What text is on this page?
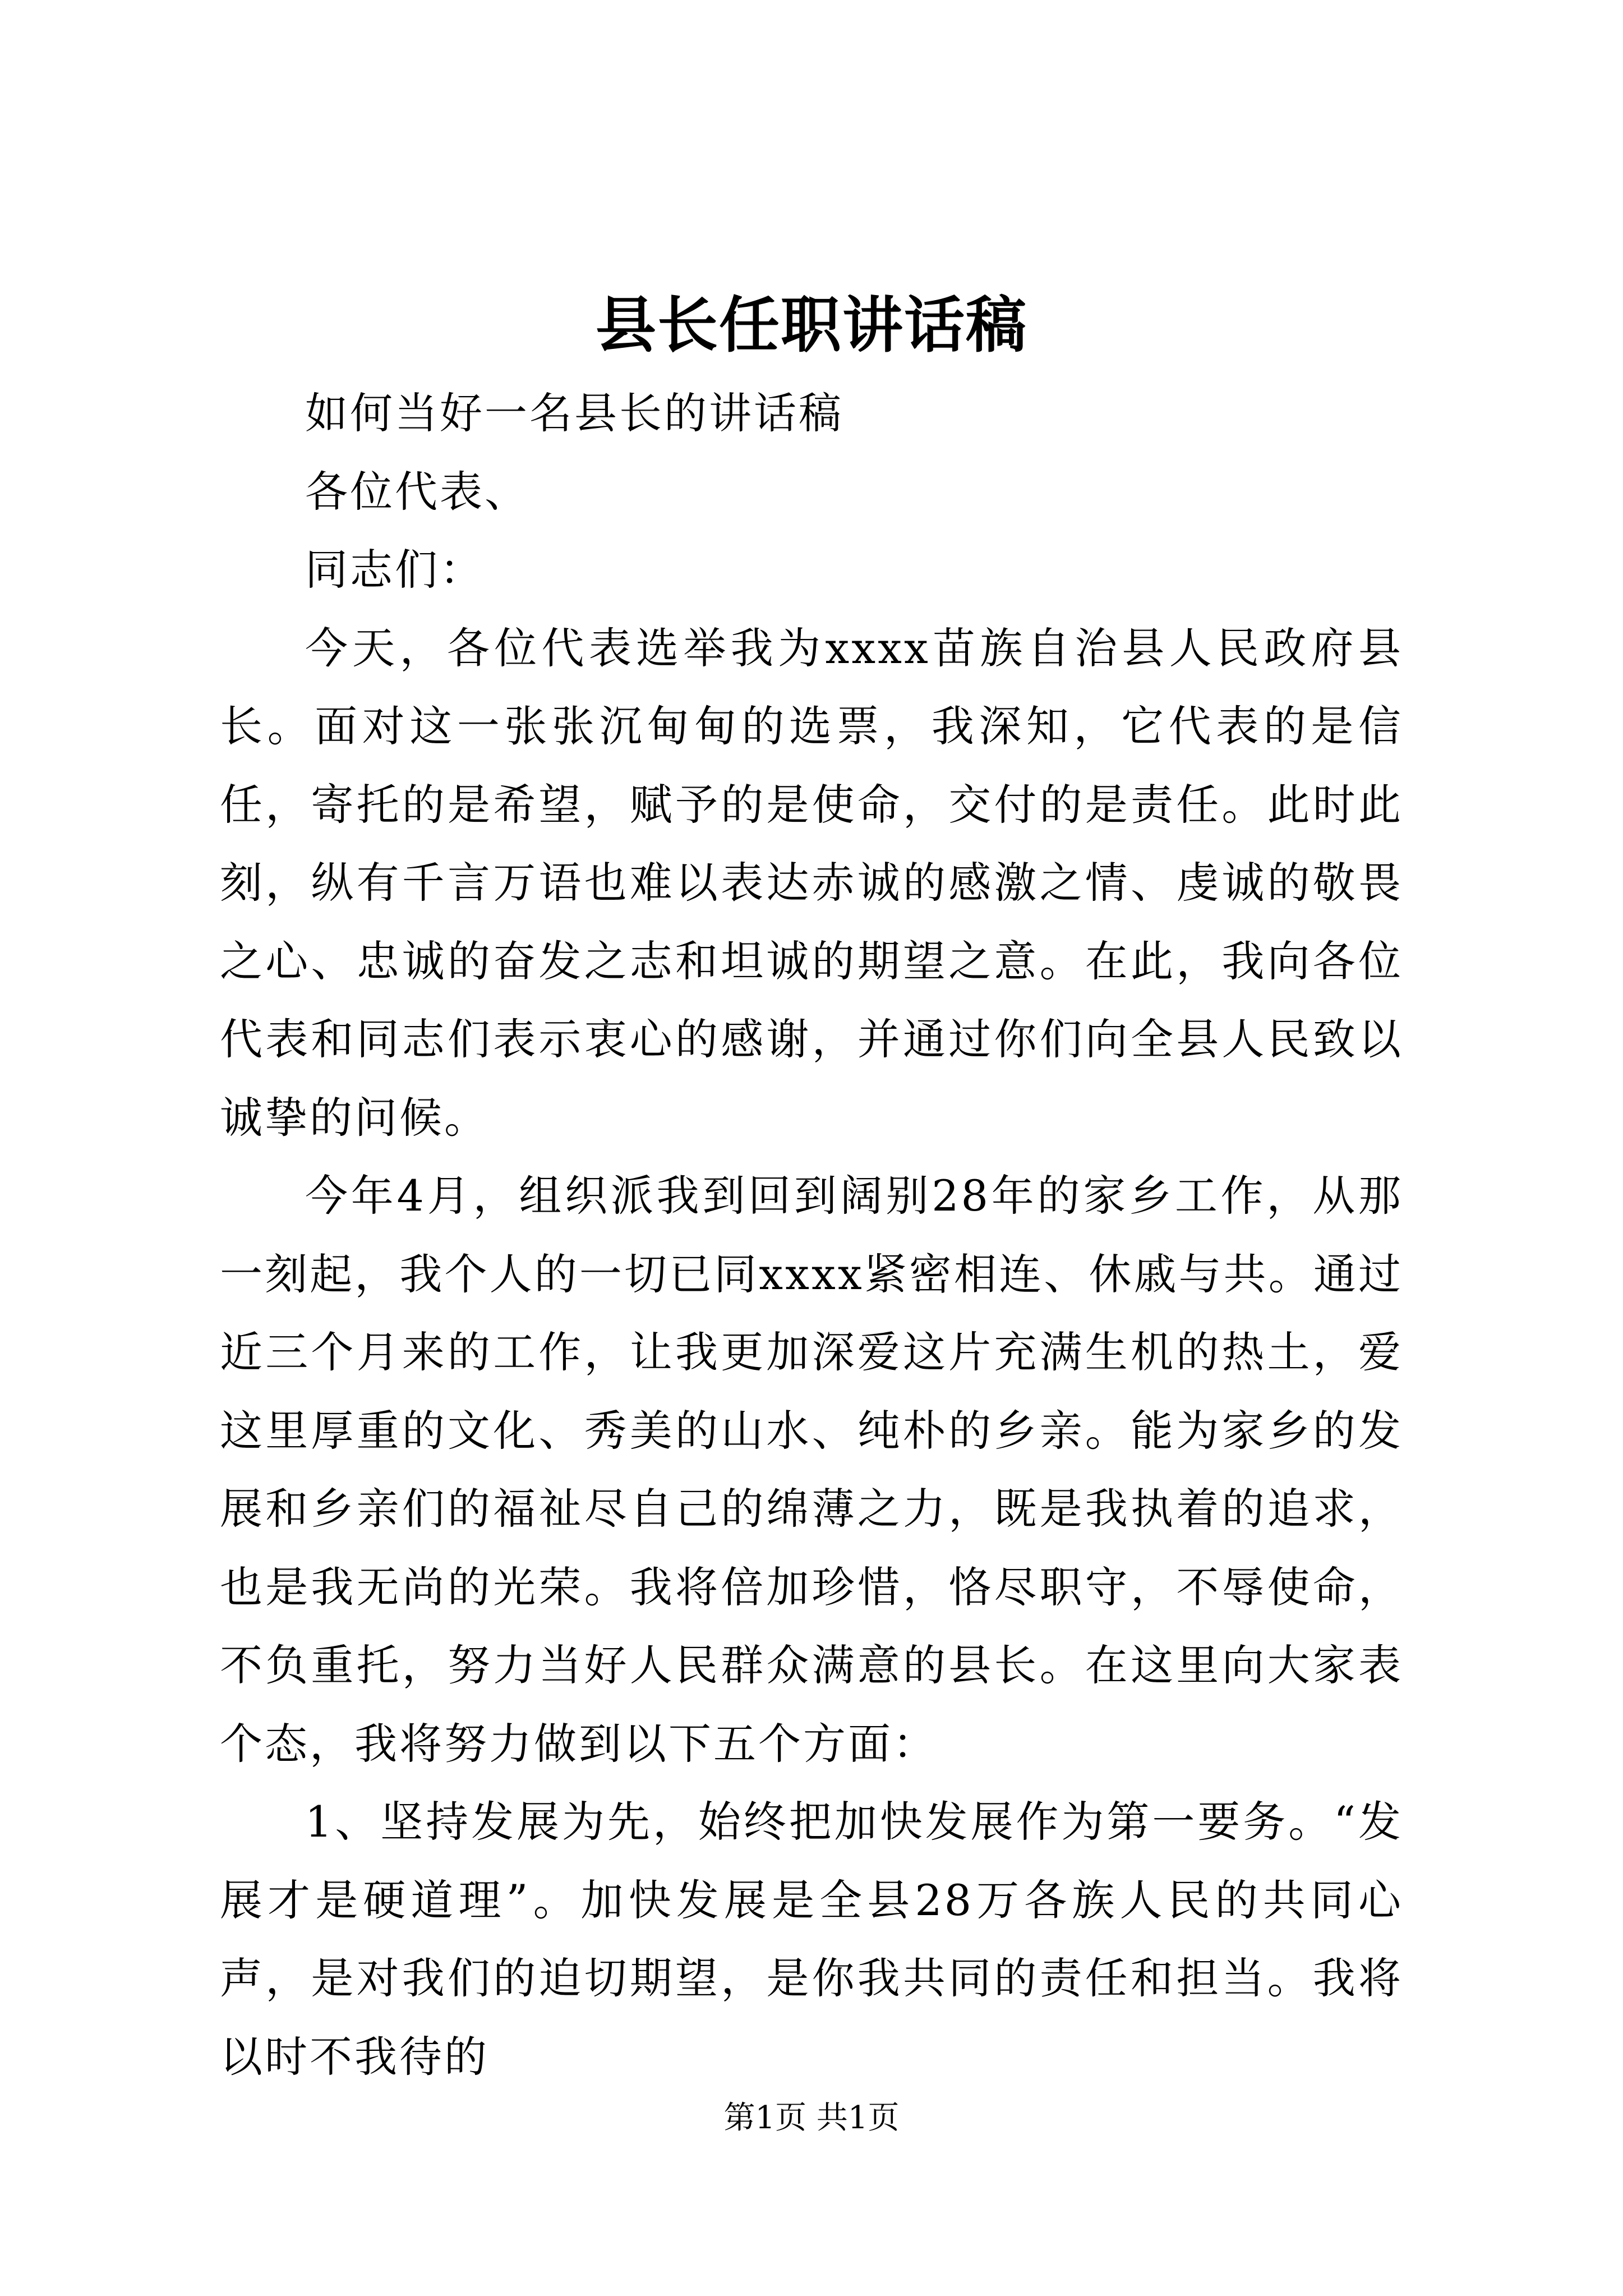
县长任职讲话稿

如何当好一名县长的讲话稿

各位代表、

同志们：

今天，各位代表选举我为xxxx苗族自治县人民政府县长。面对这一张张沉甸甸的选票，我深知，它代表的是信任，寄托的是希望，赋予的是使命，交付的是责任。此时此刻，纵有千言万语也难以表达赤诚的感激之情、虔诚的敬畏之心、忠诚的奋发之志和坦诚的期望之意。在此，我向各位代表和同志们表示衷心的感谢，并通过你们向全县人民致以诚挚的问候。

今年4月，组织派我到回到阔别28年的家乡工作，从那一刻起，我个人的一切已同xxxx紧密相连、休戚与共。通过近三个月来的工作，让我更加深爱这片充满生机的热土，爱这里厚重的文化、秀美的山水、纯朴的乡亲。能为家乡的发展和乡亲们的福祉尽自己的绵薄之力，既是我执着的追求，也是我无尚的光荣。我将倍加珍惜，恪尽职守，不辱使命，不负重托，努力当好人民群众满意的县长。在这里向大家表个态，我将努力做到以下五个方面：

1、坚持发展为先，始终把加快发展作为第一要务。“发展才是硬道理”。加快发展是全县28万各族人民的共同心声，是对我们的迫切期望，是你我共同的责任和担当。我将以时不我待的

第1页 共1页
